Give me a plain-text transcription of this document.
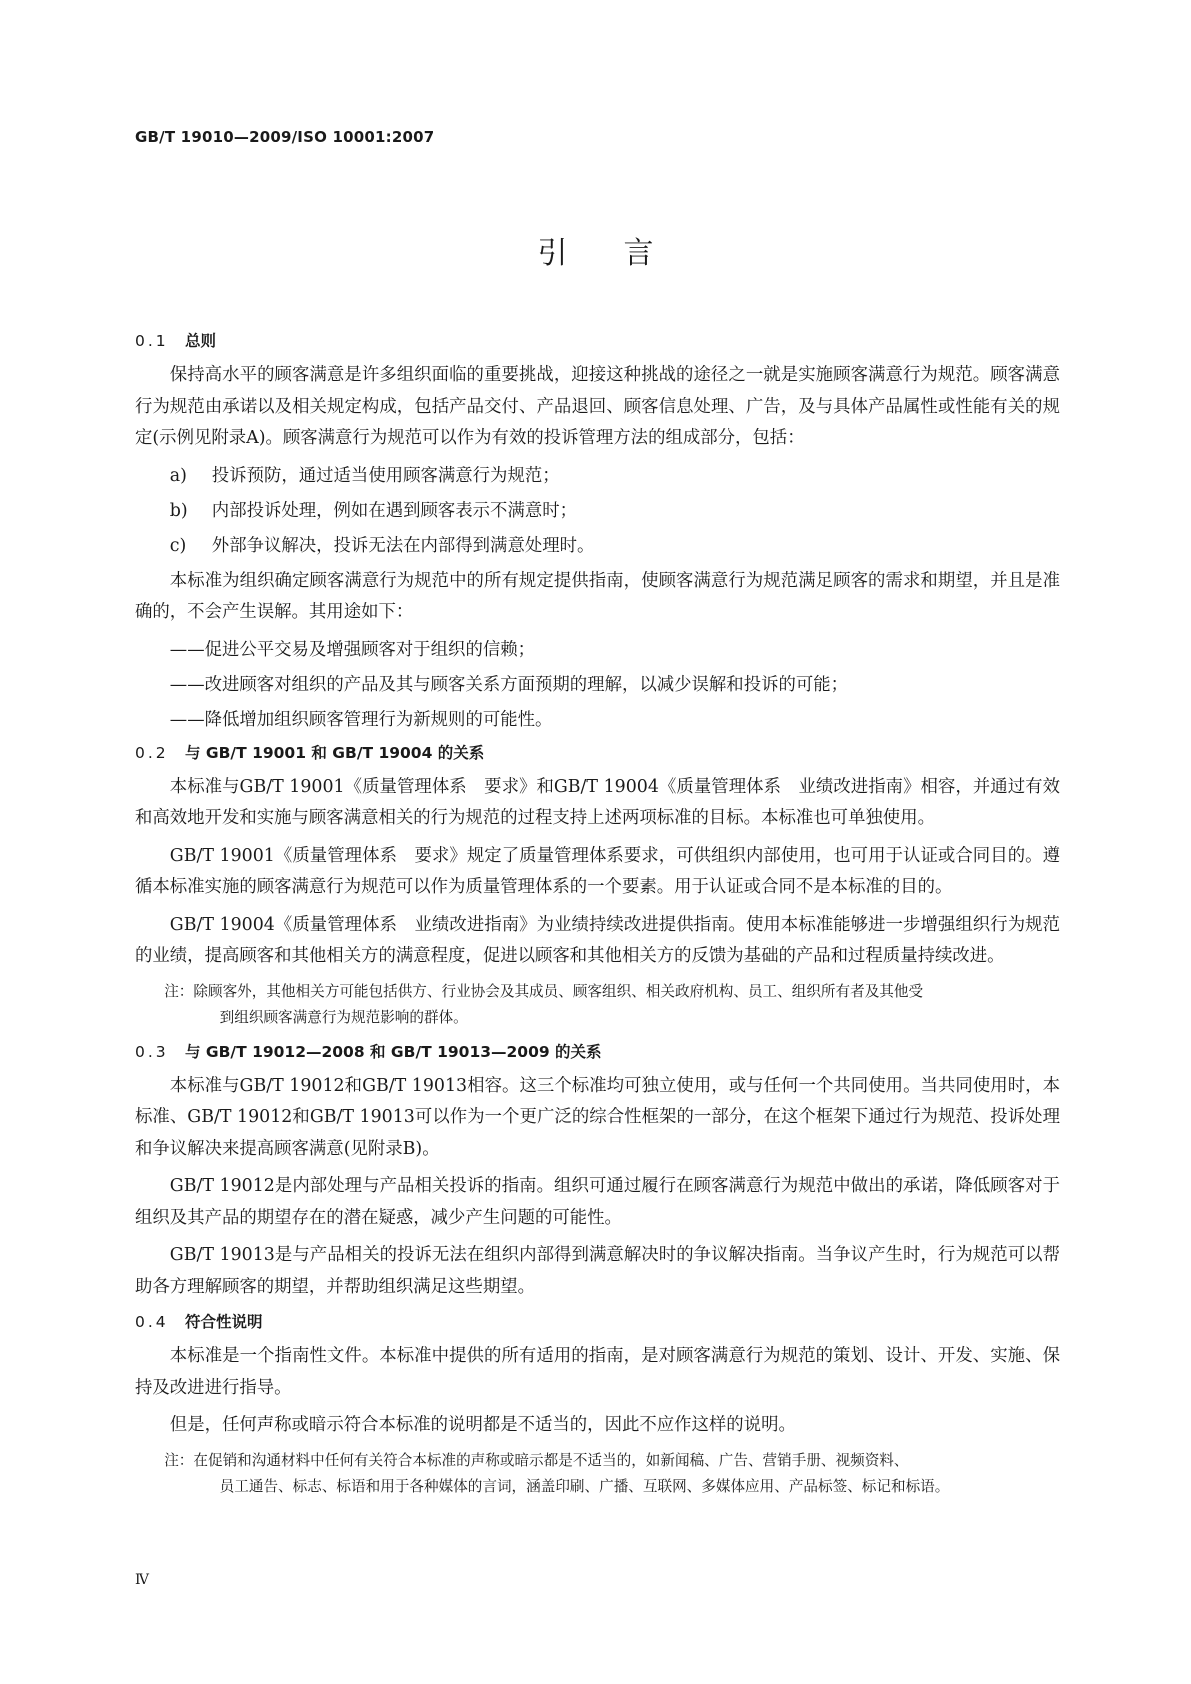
GB/T 19010—2009/ISO 10001:2007
引言
0.1 总则

保持高水平的顾客满意是许多组织面临的重要挑战，迎接这种挑战的途径之一就是实施顾客满意行为规范。顾客满意行为规范由承诺以及相关规定构成，包括产品交付、产品退回、顾客信息处理、广告，及与具体产品属性或性能有关的规定(示例见附录A)。顾客满意行为规范可以作为有效的投诉管理方法的组成部分，包括：

a) 投诉预防，通过适当使用顾客满意行为规范；
b) 内部投诉处理，例如在遇到顾客表示不满意时；
c) 外部争议解决，投诉无法在内部得到满意处理时。

本标准为组织确定顾客满意行为规范中的所有规定提供指南，使顾客满意行为规范满足顾客的需求和期望，并且是准确的，不会产生误解。其用途如下：

——促进公平交易及增强顾客对于组织的信赖；
——改进顾客对组织的产品及其与顾客关系方面预期的理解，以减少误解和投诉的可能；
——降低增加组织顾客管理行为新规则的可能性。
0.2 与 GB/T 19001 和 GB/T 19004 的关系

本标准与GB/T 19001《质量管理体系　要求》和GB/T 19004《质量管理体系　业绩改进指南》相容，并通过有效和高效地开发和实施与顾客满意相关的行为规范的过程支持上述两项标准的目标。本标准也可单独使用。

GB/T 19001《质量管理体系　要求》规定了质量管理体系要求，可供组织内部使用，也可用于认证或合同目的。遵循本标准实施的顾客满意行为规范可以作为质量管理体系的一个要素。用于认证或合同不是本标准的目的。

GB/T 19004《质量管理体系　业绩改进指南》为业绩持续改进提供指南。使用本标准能够进一步增强组织行为规范的业绩，提高顾客和其他相关方的满意程度，促进以顾客和其他相关方的反馈为基础的产品和过程质量持续改进。

注：除顾客外，其他相关方可能包括供方、行业协会及其成员、顾客组织、相关政府机构、员工、组织所有者及其他受
到组织顾客满意行为规范影响的群体。
0.3 与 GB/T 19012—2008 和 GB/T 19013—2009 的关系

本标准与GB/T 19012和GB/T 19013相容。这三个标准均可独立使用，或与任何一个共同使用。当共同使用时，本标准、GB/T 19012和GB/T 19013可以作为一个更广泛的综合性框架的一部分，在这个框架下通过行为规范、投诉处理和争议解决来提高顾客满意(见附录B)。

GB/T 19012是内部处理与产品相关投诉的指南。组织可通过履行在顾客满意行为规范中做出的承诺，降低顾客对于组织及其产品的期望存在的潜在疑惑，减少产生问题的可能性。

GB/T 19013是与产品相关的投诉无法在组织内部得到满意解决时的争议解决指南。当争议产生时，行为规范可以帮助各方理解顾客的期望，并帮助组织满足这些期望。

0.4 符合性说明

本标准是一个指南性文件。本标准中提供的所有适用的指南，是对顾客满意行为规范的策划、设计、开发、实施、保持及改进进行指导。

但是，任何声称或暗示符合本标准的说明都是不适当的，因此不应作这样的说明。

注：在促销和沟通材料中任何有关符合本标准的声称或暗示都是不适当的，如新闻稿、广告、营销手册、视频资料、
员工通告、标志、标语和用于各种媒体的言词，涵盖印刷、广播、互联网、多媒体应用、产品标签、标记和标语。
Ⅳ
